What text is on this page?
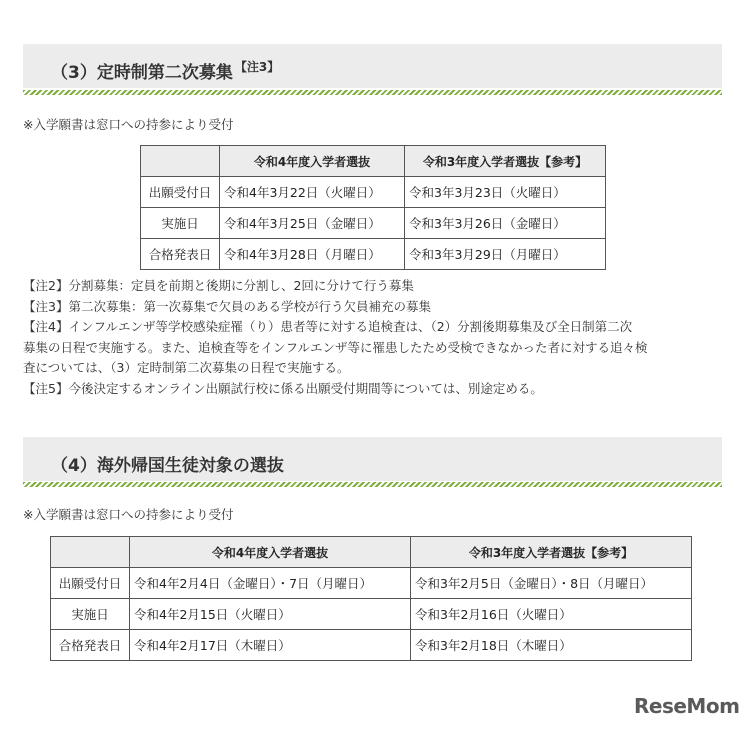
（3）定時制第二次募集 $^{【注3】}$
※入学願書は窓口への持参により受付
	令和4年度入学者選抜	令和3年度入学者選抜【参考】
出願受付日	令和4年3月22日（火曜日）	令和3年3月23日（火曜日）
実施日	令和4年3月25日（金曜日）	令和3年3月26日（金曜日）
合格発表日	令和4年3月28日（月曜日）	令和3年3月29日（月曜日）
【注2】分割募集：定員を前期と後期に分割し、2回に分けて行う募集
【注3】第二次募集：第一次募集で欠員のある学校が行う欠員補充の募集
【注4】インフルエンザ等学校感染症罹（り）患者等に対する追検査は、（2）分割後期募集及び全日制第二次
募集の日程で実施する。また、追検査等をインフルエンザ等に罹患したため受検できなかった者に対する追々検
査については、（3）定時制第二次募集の日程で実施する。
【注5】今後決定するオンライン出願試行校に係る出願受付期間等については、別途定める。
（4）海外帰国生徒対象の選抜
※入学願書は窓口への持参により受付
	令和4年度入学者選抜	令和3年度入学者選抜【参考】
出願受付日	令和4年2月4日（金曜日）・7日（月曜日）	令和3年2月5日（金曜日）・8日（月曜日）
実施日	令和4年2月15日（火曜日）	令和3年2月16日（火曜日）
合格発表日	令和4年2月17日（木曜日）	令和3年2月18日（木曜日）
ReseMom
